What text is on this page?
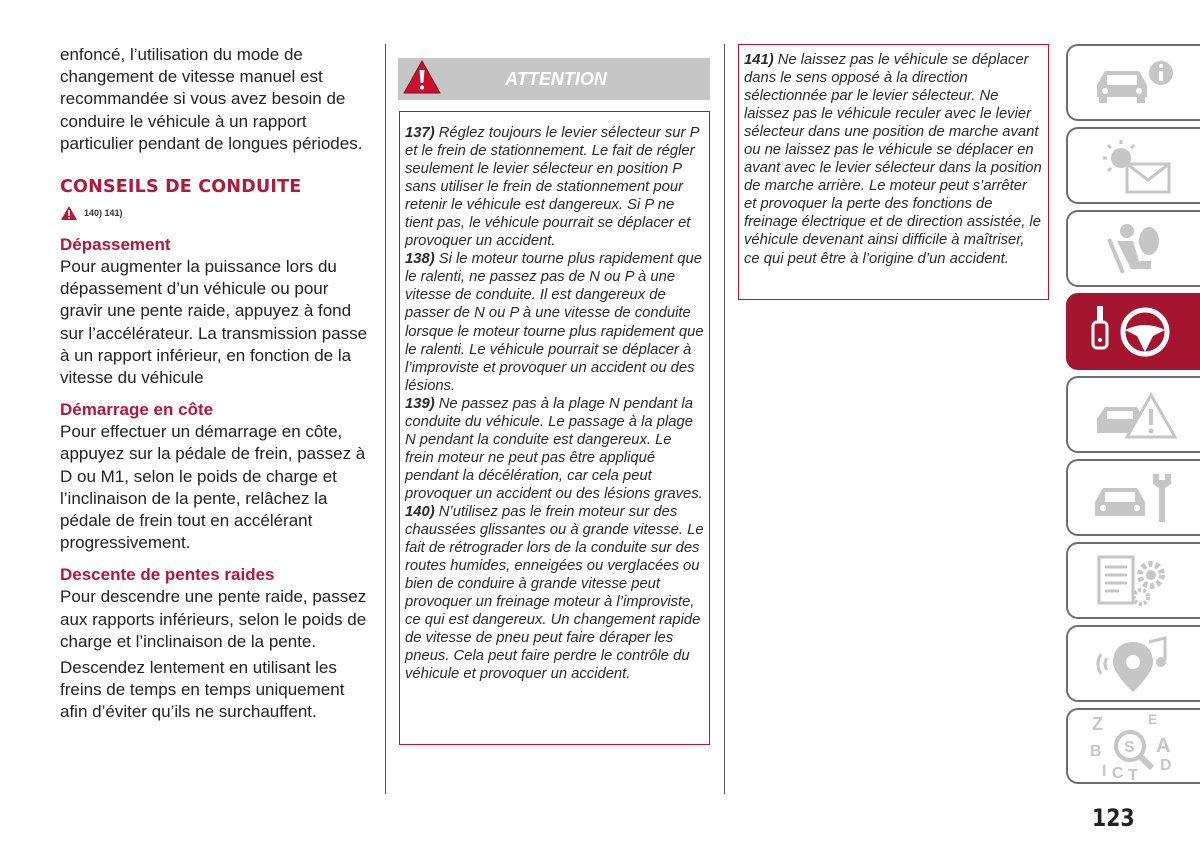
enfoncé, l’utilisation du mode de changement de vitesse manuel est recommandée si vous avez besoin de conduire le véhicule à un rapport particulier pendant de longues périodes.

CONSEILS DE CONDUITE
140) 141)
Dépassement

Pour augmenter la puissance lors du dépassement d’un véhicule ou pour gravir une pente raide, appuyez à fond sur l’accélérateur. La transmission passe à un rapport inférieur, en fonction de la vitesse du véhicule

Démarrage en côte

Pour effectuer un démarrage en côte, appuyez sur la pédale de frein, passez à D ou M1, selon le poids de charge et l’inclinaison de la pente, relâchez la pédale de frein tout en accélérant progressivement.

Descente de pentes raides

Pour descendre une pente raide, passez aux rapports inférieurs, selon le poids de charge et l’inclinaison de la pente.

Descendez lentement en utilisant les freins de temps en temps uniquement afin d’éviter qu’ils ne surchauffent.

ATTENTION

137) Réglez toujours le levier sélecteur sur P et le frein de stationnement. Le fait de régler seulement le levier sélecteur en position P sans utiliser le frein de stationnement pour retenir le véhicule est dangereux. Si P ne tient pas, le véhicule pourrait se déplacer et provoquer un accident.

138) Si le moteur tourne plus rapidement que le ralenti, ne passez pas de N ou P à une vitesse de conduite. Il est dangereux de passer de N ou P à une vitesse de conduite lorsque le moteur tourne plus rapidement que le ralenti. Le véhicule pourrait se déplacer à l’improviste et provoquer un accident ou des lésions.

139) Ne passez pas à la plage N pendant la conduite du véhicule. Le passage à la plage N pendant la conduite est dangereux. Le frein moteur ne peut pas être appliqué pendant la décélération, car cela peut provoquer un accident ou des lésions graves.

140) N’utilisez pas le frein moteur sur des chaussées glissantes ou à grande vitesse. Le fait de rétrograder lors de la conduite sur des routes humides, enneigées ou verglacées ou bien de conduire à grande vitesse peut provoquer un freinage moteur à l’improviste, ce qui est dangereux. Un changement rapide de vitesse de pneu peut faire déraper les pneus. Cela peut faire perdre le contrôle du véhicule et provoquer un accident.

141) Ne laissez pas le véhicule se déplacer dans le sens opposé à la direction sélectionnée par le levier sélecteur. Ne laissez pas le véhicule reculer avec le levier sélecteur dans une position de marche avant ou ne laissez pas le véhicule se déplacer en avant avec le levier sélecteur dans la position de marche arrière. Le moteur peut s’arrêter et provoquer la perte des fonctions de freinage électrique et de direction assistée, le véhicule devenant ainsi difficile à maîtriser, ce qui peut être à l’origine d’un accident.

Z	E
B	A
I C T
D
S
123
